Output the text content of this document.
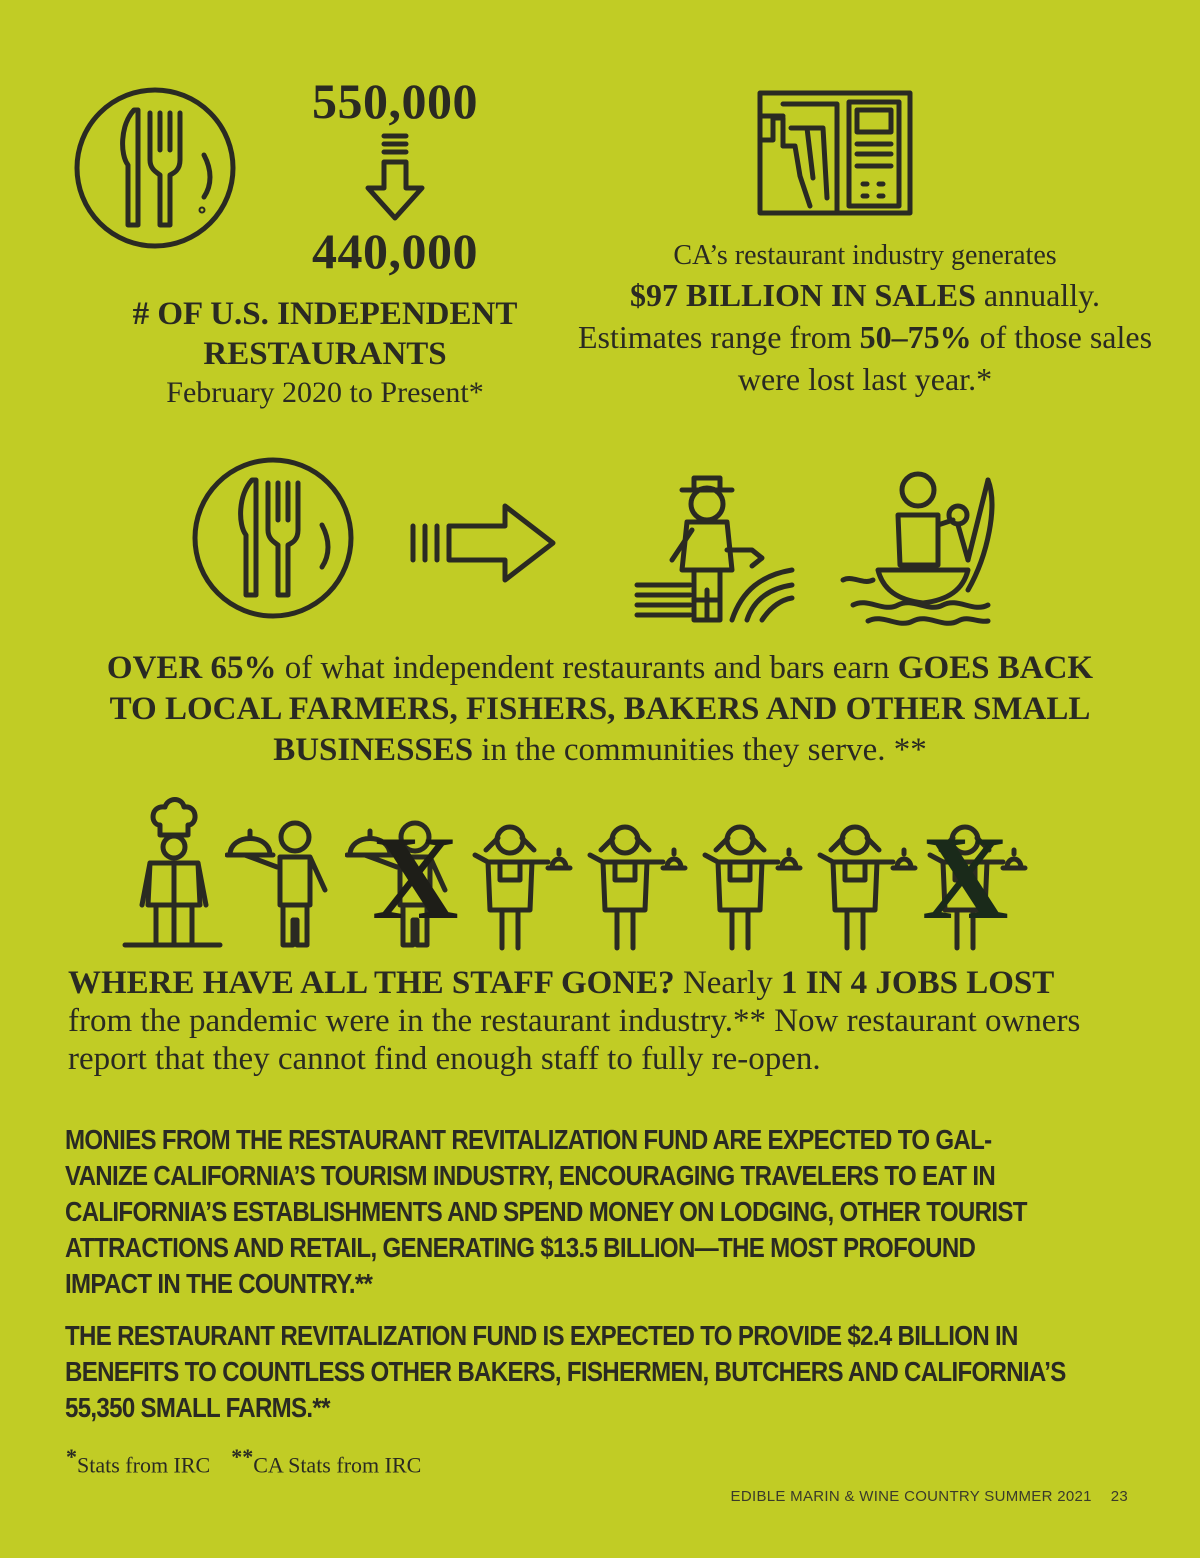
550,000
440,000
# OF U.S. INDEPENDENT
RESTAURANTS
February 2020 to Present*
CA’s restaurant industry generates
$97 BILLION IN SALES annually.
Estimates range from 50–75% of those sales
were lost last year.*
OVER 65% of what independent restaurants and bars earn GOES BACK
TO LOCAL FARMERS, FISHERS, BAKERS AND OTHER SMALL
BUSINESSES in the communities they serve. **
X	X
WHERE HAVE ALL THE STAFF GONE? Nearly 1 IN 4 JOBS LOST
from the pandemic were in the restaurant industry.** Now restaurant owners
report that they cannot find enough staff to fully re-open.
MONIES FROM THE RESTAURANT REVITALIZATION FUND ARE EXPECTED TO GAL-
VANIZE CALIFORNIA’S TOURISM INDUSTRY, ENCOURAGING TRAVELERS TO EAT IN
CALIFORNIA’S ESTABLISHMENTS AND SPEND MONEY ON LODGING, OTHER TOURIST
ATTRACTIONS AND RETAIL, GENERATING $13.5 BILLION—THE MOST PROFOUND
IMPACT IN THE COUNTRY.**
THE RESTAURANT REVITALIZATION FUND IS EXPECTED TO PROVIDE $2.4 BILLION IN
BENEFITS TO COUNTLESS OTHER BAKERS, FISHERMEN, BUTCHERS AND CALIFORNIA’S
55,350 SMALL FARMS.**
*Stats from IRC **CA Stats from IRC
EDIBLE MARIN & WINE COUNTRY SUMMER 2021 23
